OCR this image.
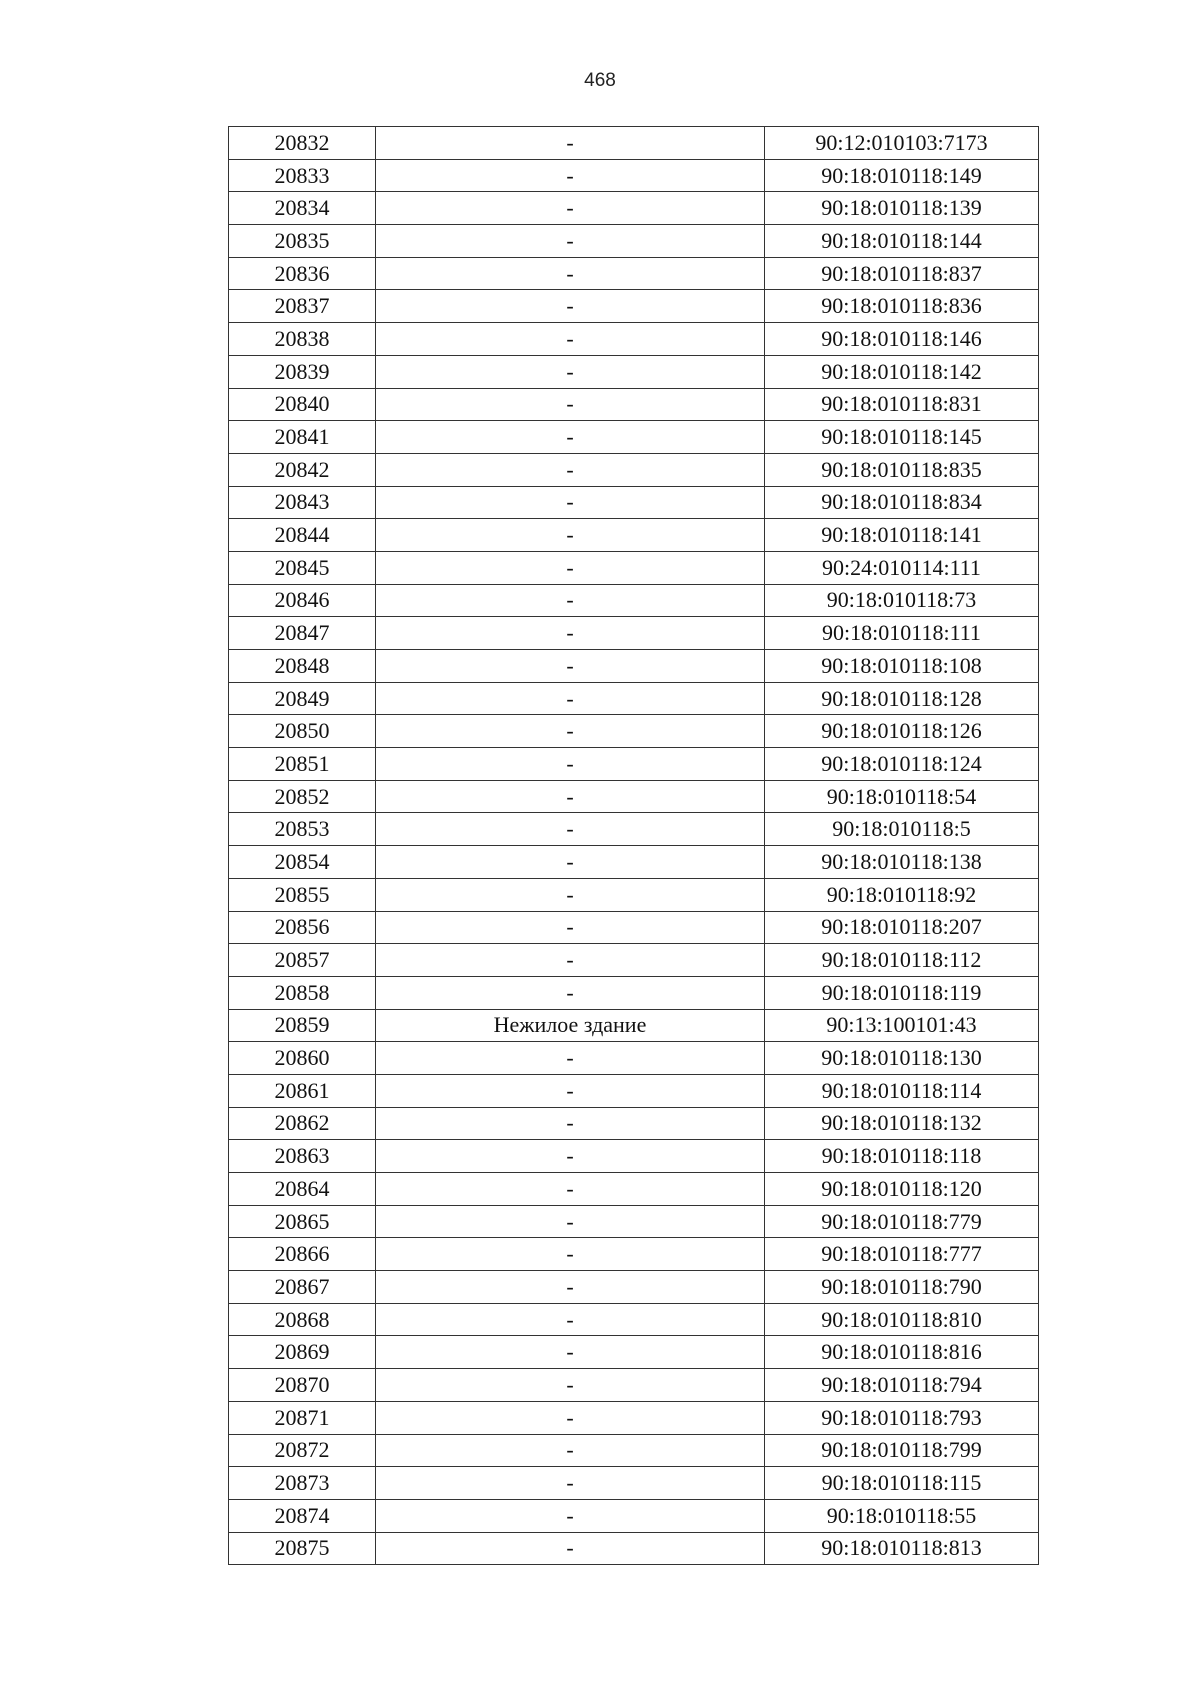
468
20832	-	90:12:010103:7173
20833	-	90:18:010118:149
20834	-	90:18:010118:139
20835	-	90:18:010118:144
20836	-	90:18:010118:837
20837	-	90:18:010118:836
20838	-	90:18:010118:146
20839	-	90:18:010118:142
20840	-	90:18:010118:831
20841	-	90:18:010118:145
20842	-	90:18:010118:835
20843	-	90:18:010118:834
20844	-	90:18:010118:141
20845	-	90:24:010114:111
20846	-	90:18:010118:73
20847	-	90:18:010118:111
20848	-	90:18:010118:108
20849	-	90:18:010118:128
20850	-	90:18:010118:126
20851	-	90:18:010118:124
20852	-	90:18:010118:54
20853	-	90:18:010118:5
20854	-	90:18:010118:138
20855	-	90:18:010118:92
20856	-	90:18:010118:207
20857	-	90:18:010118:112
20858	-	90:18:010118:119
20859	Нежилое здание	90:13:100101:43
20860	-	90:18:010118:130
20861	-	90:18:010118:114
20862	-	90:18:010118:132
20863	-	90:18:010118:118
20864	-	90:18:010118:120
20865	-	90:18:010118:779
20866	-	90:18:010118:777
20867	-	90:18:010118:790
20868	-	90:18:010118:810
20869	-	90:18:010118:816
20870	-	90:18:010118:794
20871	-	90:18:010118:793
20872	-	90:18:010118:799
20873	-	90:18:010118:115
20874	-	90:18:010118:55
20875	-	90:18:010118:813
